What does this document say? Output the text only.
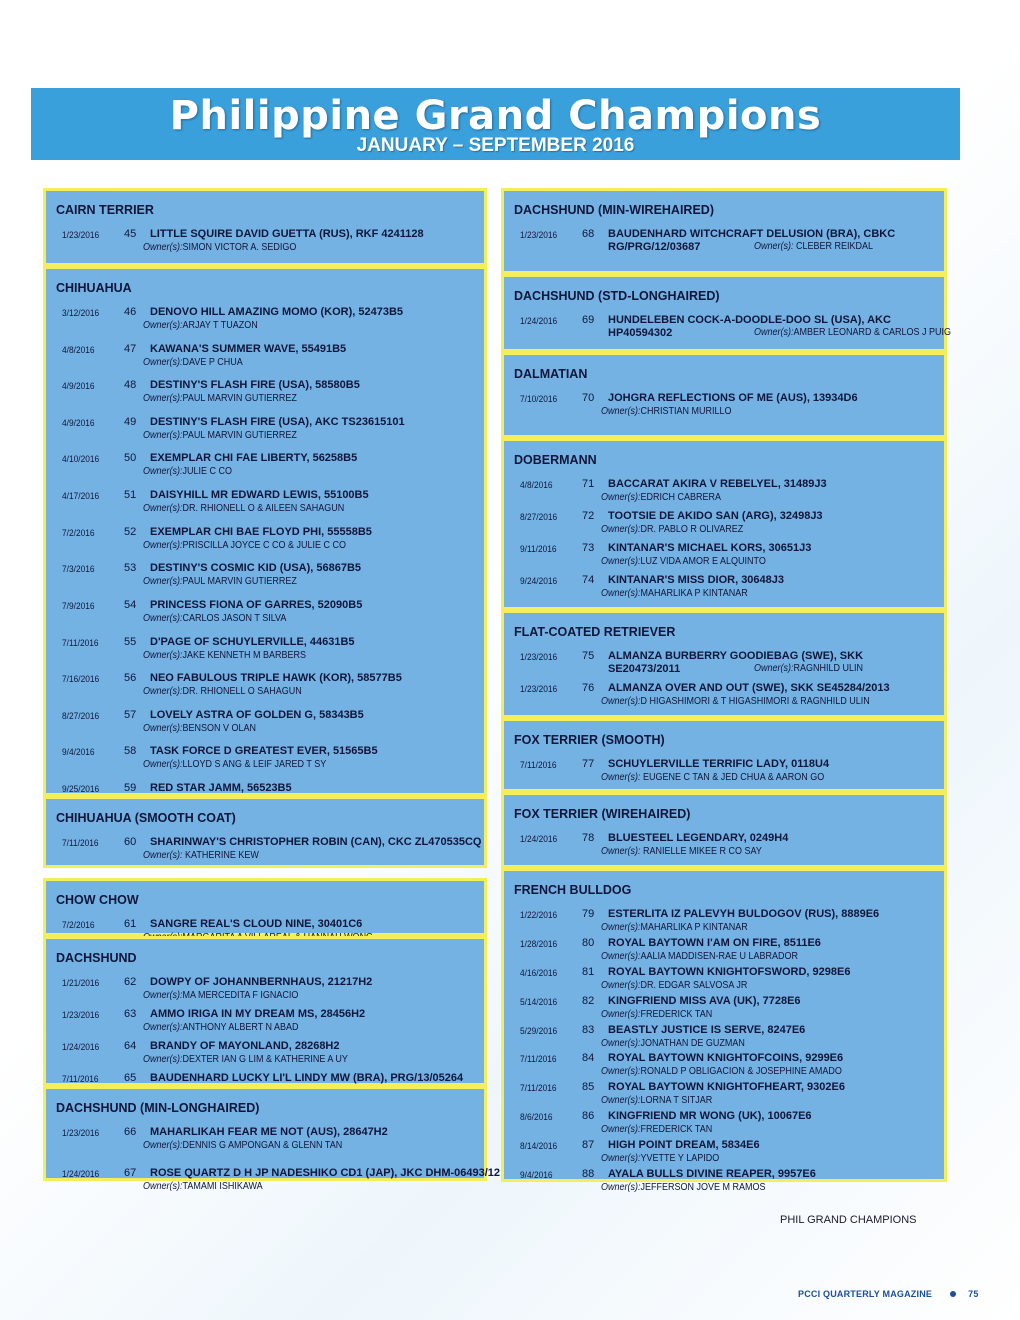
Philippine Grand Champions
JANUARY – SEPTEMBER 2016
CAIRN TERRIER
1/23/2016	45 LITTLE SQUIRE DAVID GUETTA (RUS), RKF 4241128
Owner(s):SIMON VICTOR A. SEDIGO
CHIHUAHUA
3/12/2016	46 DENOVO HILL AMAZING MOMO (KOR), 52473B5
Owner(s):ARJAY T TUAZON
4/8/2016	47 KAWANA'S SUMMER WAVE, 55491B5
Owner(s):DAVE P CHUA
4/9/2016	48 DESTINY'S FLASH FIRE (USA), 58580B5
Owner(s):PAUL MARVIN GUTIERREZ
4/9/2016	49 DESTINY'S FLASH FIRE (USA), AKC TS23615101
Owner(s):PAUL MARVIN GUTIERREZ
4/10/2016	50 EXEMPLAR CHI FAE LIBERTY, 56258B5
Owner(s):JULIE C CO
4/17/2016	51 DAISYHILL MR EDWARD LEWIS, 55100B5
Owner(s):DR. RHIONELL O & AILEEN SAHAGUN
7/2/2016	52 EXEMPLAR CHI BAE FLOYD PHI, 55558B5
Owner(s):PRISCILLA JOYCE C CO & JULIE C CO
7/3/2016	53 DESTINY'S COSMIC KID (USA), 56867B5
Owner(s):PAUL MARVIN GUTIERREZ
7/9/2016	54 PRINCESS FIONA OF GARRES, 52090B5
Owner(s):CARLOS JASON T SILVA
7/11/2016	55 D'PAGE OF SCHUYLERVILLE, 44631B5
Owner(s):JAKE KENNETH M BARBERS
7/16/2016	56 NEO FABULOUS TRIPLE HAWK (KOR), 58577B5
Owner(s):DR. RHIONELL O SAHAGUN
8/27/2016	57 LOVELY ASTRA OF GOLDEN G, 58343B5
Owner(s):BENSON V OLAN
9/4/2016	58 TASK FORCE D GREATEST EVER, 51565B5
Owner(s):LLOYD S ANG & LEIF JARED T SY
9/25/2016	59 RED STAR JAMM, 56523B5
CHIHUAHUA (SMOOTH COAT)
7/11/2016	60 SHARINWAY'S CHRISTOPHER ROBIN (CAN), CKC ZL470535CQ
Owner(s): KATHERINE KEW
CHOW CHOW
7/2/2016	61 SANGRE REAL'S CLOUD NINE, 30401C6
DACHSHUND
1/21/2016	62 DOWPY OF JOHANNBERNHAUS, 21217H2
Owner(s):MA MERCEDITA F IGNACIO
1/23/2016	63 AMMO IRIGA IN MY DREAM MS, 28456H2
Owner(s):ANTHONY ALBERT N ABAD
1/24/2016	64 BRANDY OF MAYONLAND, 28268H2
Owner(s):DEXTER IAN G LIM & KATHERINE A UY
7/11/2016	65 BAUDENHARD LUCKY LI'L LINDY MW (BRA), PRG/13/05264
DACHSHUND (MIN-LONGHAIRED)
1/23/2016	66 MAHARLIKAH FEAR ME NOT (AUS), 28647H2
Owner(s):DENNIS G AMPONGAN & GLENN TAN
1/24/2016	67 ROSE QUARTZ D H JP NADESHIKO CD1 (JAP), JKC DHM-06493/12
Owner(s):TAMAMI ISHIKAWA
DACHSHUND (MIN-WIREHAIRED)
1/23/2016	68 BAUDENHARD WITCHCRAFT DELUSION (BRA), CBKC
RG/PRG/12/03687	Owner(s): CLEBER REIKDAL
DACHSHUND (STD-LONGHAIRED)
1/24/2016	69 HUNDELEBEN COCK-A-DOODLE-DOO SL (USA), AKC
HP40594302	Owner(s):AMBER LEONARD & CARLOS J PUIG
DALMATIAN
7/10/2016	70 JOHGRA REFLECTIONS OF ME (AUS), 13934D6
Owner(s):CHRISTIAN MURILLO
DOBERMANN
4/8/2016	71 BACCARAT AKIRA V REBELYEL, 31489J3
Owner(s):EDRICH CABRERA
8/27/2016	72 TOOTSIE DE AKIDO SAN (ARG), 32498J3
Owner(s):DR. PABLO R OLIVAREZ
9/11/2016	73 KINTANAR'S MICHAEL KORS, 30651J3
Owner(s):LUZ VIDA AMOR E ALQUINTO
9/24/2016	74 KINTANAR'S MISS DIOR, 30648J3
Owner(s):MAHARLIKA P KINTANAR
FLAT-COATED RETRIEVER
1/23/2016	75 ALMANZA BURBERRY GOODIEBAG (SWE), SKK
SE20473/2011	Owner(s):RAGNHILD ULIN
1/23/2016	76 ALMANZA OVER AND OUT (SWE), SKK SE45284/2013
Owner(s):D HIGASHIMORI & T HIGASHIMORI & RAGNHILD ULIN
FOX TERRIER (SMOOTH)
7/11/2016	77 SCHUYLERVILLE TERRIFIC LADY, 0118U4
Owner(s): EUGENE C TAN & JED CHUA & AARON GO
FOX TERRIER (WIREHAIRED)
1/24/2016	78 BLUESTEEL LEGENDARY, 0249H4
Owner(s): RANIELLE MIKEE R CO SAY
FRENCH BULLDOG
1/22/2016	79 ESTERLITA IZ PALEVYH BULDOGOV (RUS), 8889E6
Owner(s):MAHARLIKA P KINTANAR
1/28/2016	80 ROYAL BAYTOWN I'AM ON FIRE, 8511E6
Owner(s):AALIA MADDISEN-RAE U LABRADOR
4/16/2016	81 ROYAL BAYTOWN KNIGHTOFSWORD, 9298E6
Owner(s):DR. EDGAR SALVOSA JR
5/14/2016	82 KINGFRIEND MISS AVA (UK), 7728E6
Owner(s):FREDERICK TAN
5/29/2016	83 BEASTLY JUSTICE IS SERVE, 8247E6
Owner(s):JONATHAN DE GUZMAN
7/11/2016	84 ROYAL BAYTOWN KNIGHTOFCOINS, 9299E6
Owner(s):RONALD P OBLIGACION & JOSEPHINE AMADO
7/11/2016	85 ROYAL BAYTOWN KNIGHTOFHEART, 9302E6
Owner(s):LORNA T SITJAR
8/6/2016	86 KINGFRIEND MR WONG (UK), 10067E6
Owner(s):FREDERICK TAN
8/14/2016	87 HIGH POINT DREAM, 5834E6
Owner(s):YVETTE Y LAPIDO
9/4/2016	88 AYALA BULLS DIVINE REAPER, 9957E6
Owner(s):JEFFERSON JOVE M RAMOS
PHIL GRAND CHAMPIONS
PCCI QUARTERLY MAGAZINE	75
